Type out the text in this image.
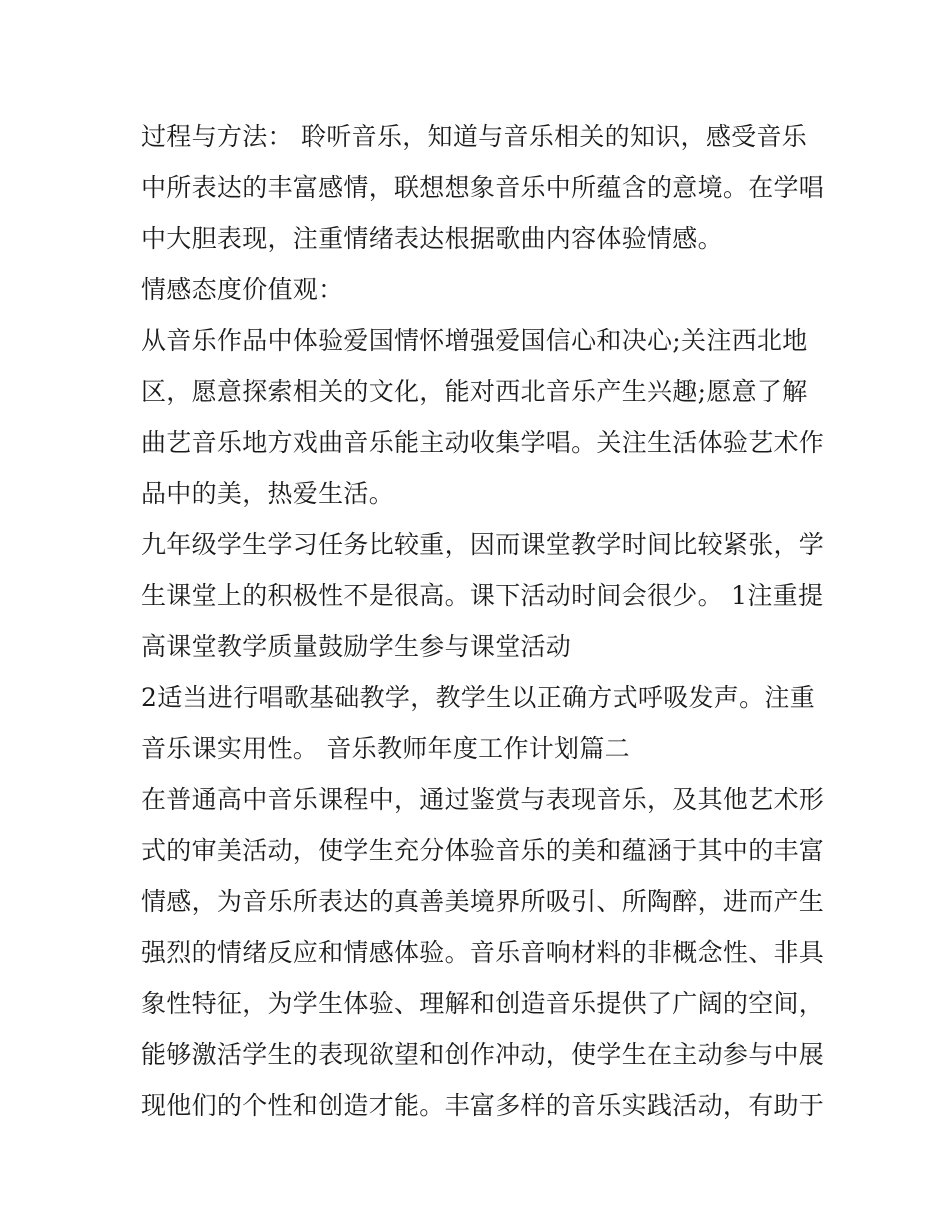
过程与方法： 聆听音乐，知道与音乐相关的知识，感受音乐
中所表达的丰富感情，联想想象音乐中所蕴含的意境。在学唱
中大胆表现，注重情绪表达根据歌曲内容体验情感。
情感态度价值观：
从音乐作品中体验爱国情怀增强爱国信心和决心;关注西北地
区，愿意探索相关的文化，能对西北音乐产生兴趣;愿意了解
曲艺音乐地方戏曲音乐能主动收集学唱。关注生活体验艺术作
品中的美，热爱生活。
九年级学生学习任务比较重，因而课堂教学时间比较紧张，学
生课堂上的积极性不是很高。课下活动时间会很少。 1注重提
高课堂教学质量鼓励学生参与课堂活动
2适当进行唱歌基础教学，教学生以正确方式呼吸发声。注重
音乐课实用性。 音乐教师年度工作计划篇二
在普通高中音乐课程中，通过鉴赏与表现音乐，及其他艺术形
式的审美活动，使学生充分体验音乐的美和蕴涵于其中的丰富
情感，为音乐所表达的真善美境界所吸引、所陶醉，进而产生
强烈的情绪反应和情感体验。音乐音响材料的非概念性、非具
象性特征，为学生体验、理解和创造音乐提供了广阔的空间，
能够激活学生的表现欲望和创作冲动，使学生在主动参与中展
现他们的个性和创造才能。丰富多样的音乐实践活动，有助于
